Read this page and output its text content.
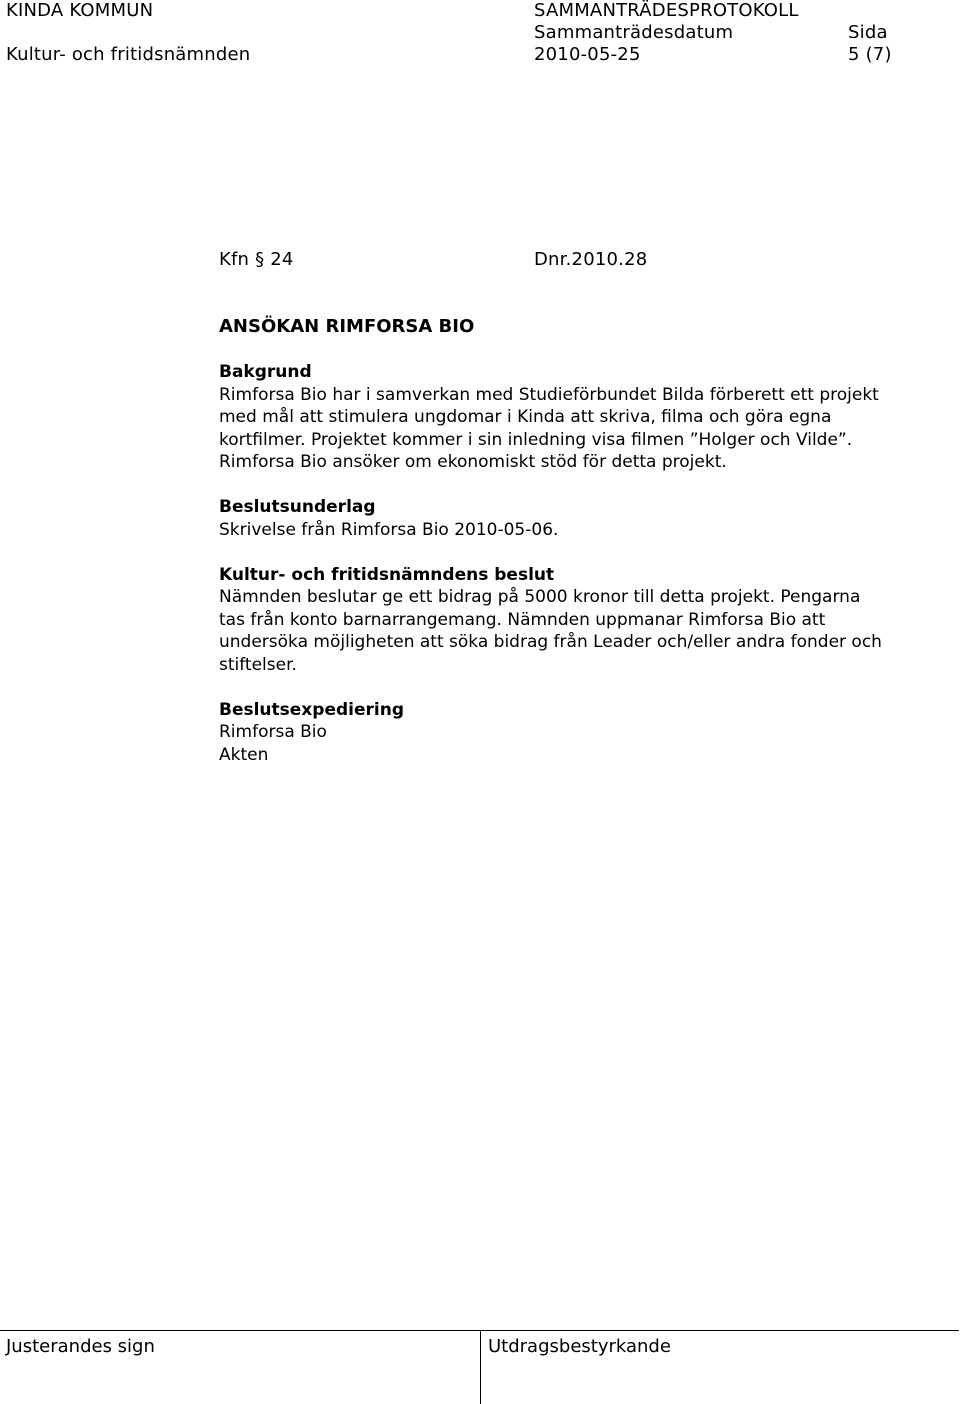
KINDA KOMMUN
Kultur- och fritidsnämnden
SAMMANTRÄDESPROTOKOLL
Sammanträdesdatum
2010-05-25
Sida
5 (7)
Kfn § 24	Dnr.2010.28
ANSÖKAN RIMFORSA BIO

Bakgrund

Rimforsa Bio har i samverkan med Studieförbundet Bilda förberett ett projekt

med mål att stimulera ungdomar i Kinda att skriva, filma och göra egna

kortfilmer. Projektet kommer i sin inledning visa filmen ”Holger och Vilde”.

Rimforsa Bio ansöker om ekonomiskt stöd för detta projekt.

Beslutsunderlag

Skrivelse från Rimforsa Bio 2010-05-06.

Kultur- och fritidsnämndens beslut

Nämnden beslutar ge ett bidrag på 5000 kronor till detta projekt. Pengarna

tas från konto barnarrangemang. Nämnden uppmanar Rimforsa Bio att

undersöka möjligheten att söka bidrag från Leader och/eller andra fonder och

stiftelser.

Beslutsexpediering

Rimforsa Bio

Akten

Justerandes sign	Utdragsbestyrkande
